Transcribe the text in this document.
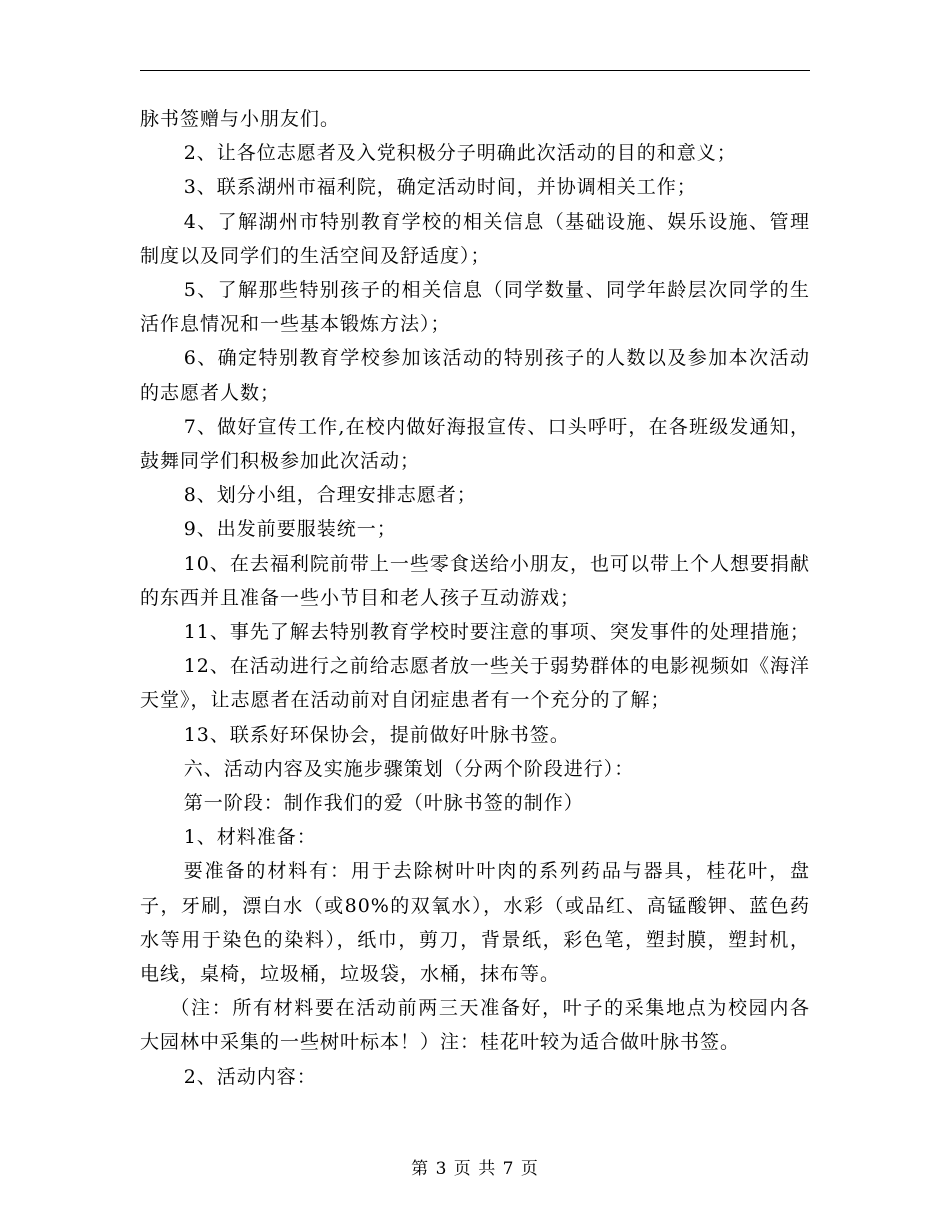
脉书签赠与小朋友们。

2、让各位志愿者及入党积极分子明确此次活动的目的和意义；

3、联系湖州市福利院，确定活动时间，并协调相关工作；

4、了解湖州市特别教育学校的相关信息（基础设施、娱乐设施、管理制度以及同学们的生活空间及舒适度）；

5、了解那些特别孩子的相关信息（同学数量、同学年龄层次同学的生活作息情况和一些基本锻炼方法）；

6、确定特别教育学校参加该活动的特别孩子的人数以及参加本次活动的志愿者人数；

7、做好宣传工作,在校内做好海报宣传、口头呼吁，在各班级发通知，鼓舞同学们积极参加此次活动；

8、划分小组，合理安排志愿者；

9、出发前要服装统一；

10、在去福利院前带上一些零食送给小朋友，也可以带上个人想要捐献的东西并且准备一些小节目和老人孩子互动游戏；

11、事先了解去特别教育学校时要注意的事项、突发事件的处理措施；

12、在活动进行之前给志愿者放一些关于弱势群体的电影视频如《海洋天堂》，让志愿者在活动前对自闭症患者有一个充分的了解；

13、联系好环保协会，提前做好叶脉书签。

六、活动内容及实施步骤策划（分两个阶段进行）：

第一阶段：制作我们的爱（叶脉书签的制作）

1、材料准备：

要准备的材料有：用于去除树叶叶肉的系列药品与器具，桂花叶，盘子，牙刷，漂白水（或80%的双氧水），水彩（或品红、高锰酸钾、蓝色药水等用于染色的染料），纸巾，剪刀，背景纸，彩色笔，塑封膜，塑封机，电线，桌椅，垃圾桶，垃圾袋，水桶，抹布等。

（注：所有材料要在活动前两三天准备好，叶子的采集地点为校园内各大园林中采集的一些树叶标本！）注：桂花叶较为适合做叶脉书签。

2、活动内容：

第 3 页 共 7 页
